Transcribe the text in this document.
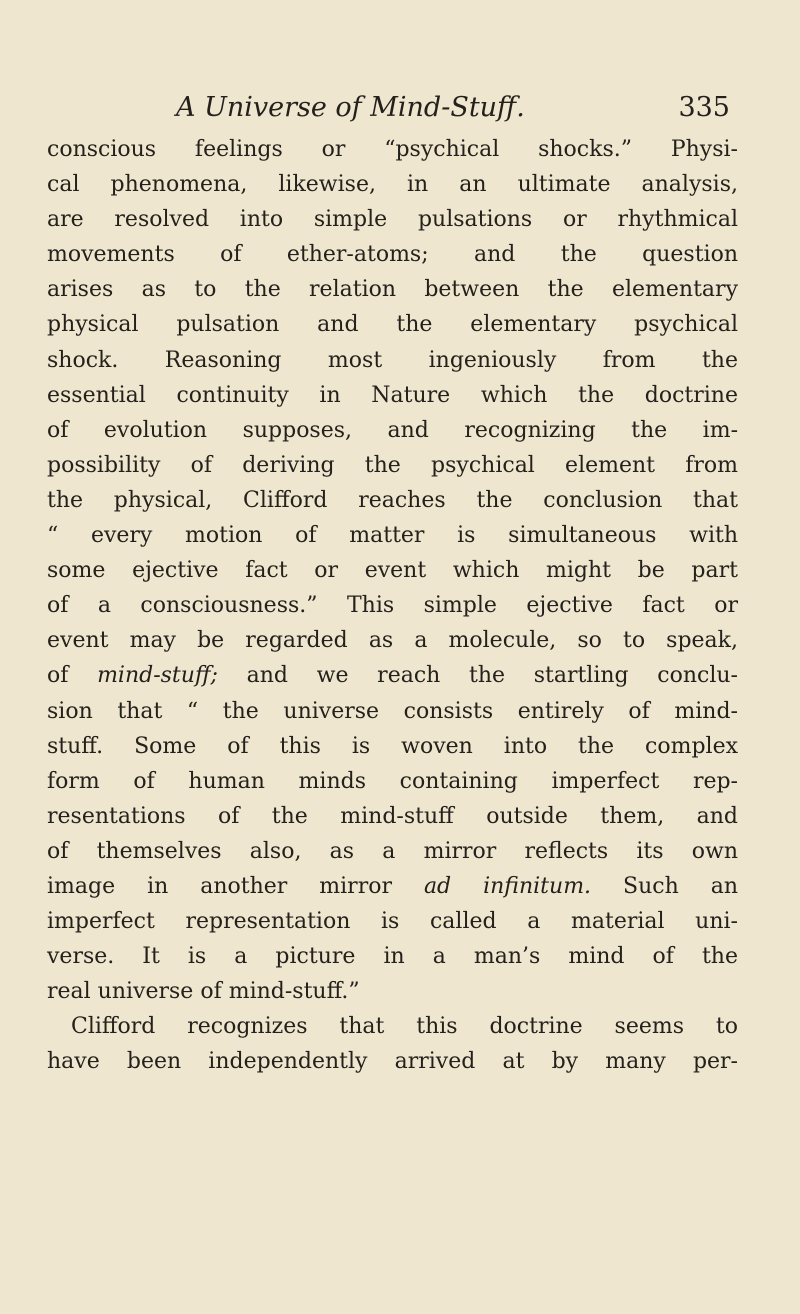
A Universe of Mind-Stuff.	335
conscious feelings or “psychical shocks.” Physi-
cal phenomena, likewise, in an ultimate analysis,
are resolved into simple pulsations or rhythmical
movements of ether-atoms; and the question
arises as to the relation between the elementary
physical pulsation and the elementary psychical
shock. Reasoning most ingeniously from the
essential continuity in Nature which the doctrine
of evolution supposes, and recognizing the im-
possibility of deriving the psychical element from
the physical, Clifford reaches the conclusion that
“ every motion of matter is simultaneous with
some ejective fact or event which might be part
of a consciousness.” This simple ejective fact or
event may be regarded as a molecule, so to speak,
of mind-stuff; and we reach the startling conclu-
sion that “ the universe consists entirely of mind-
stuff. Some of this is woven into the complex
form of human minds containing imperfect rep-
resentations of the mind-stuff outside them, and
of themselves also, as a mirror reflects its own
image in another mirror ad infinitum. Such an
imperfect representation is called a material uni-
verse. It is a picture in a man’s mind of the
real universe of mind-stuff.”
Clifford recognizes that this doctrine seems to
have been independently arrived at by many per-
